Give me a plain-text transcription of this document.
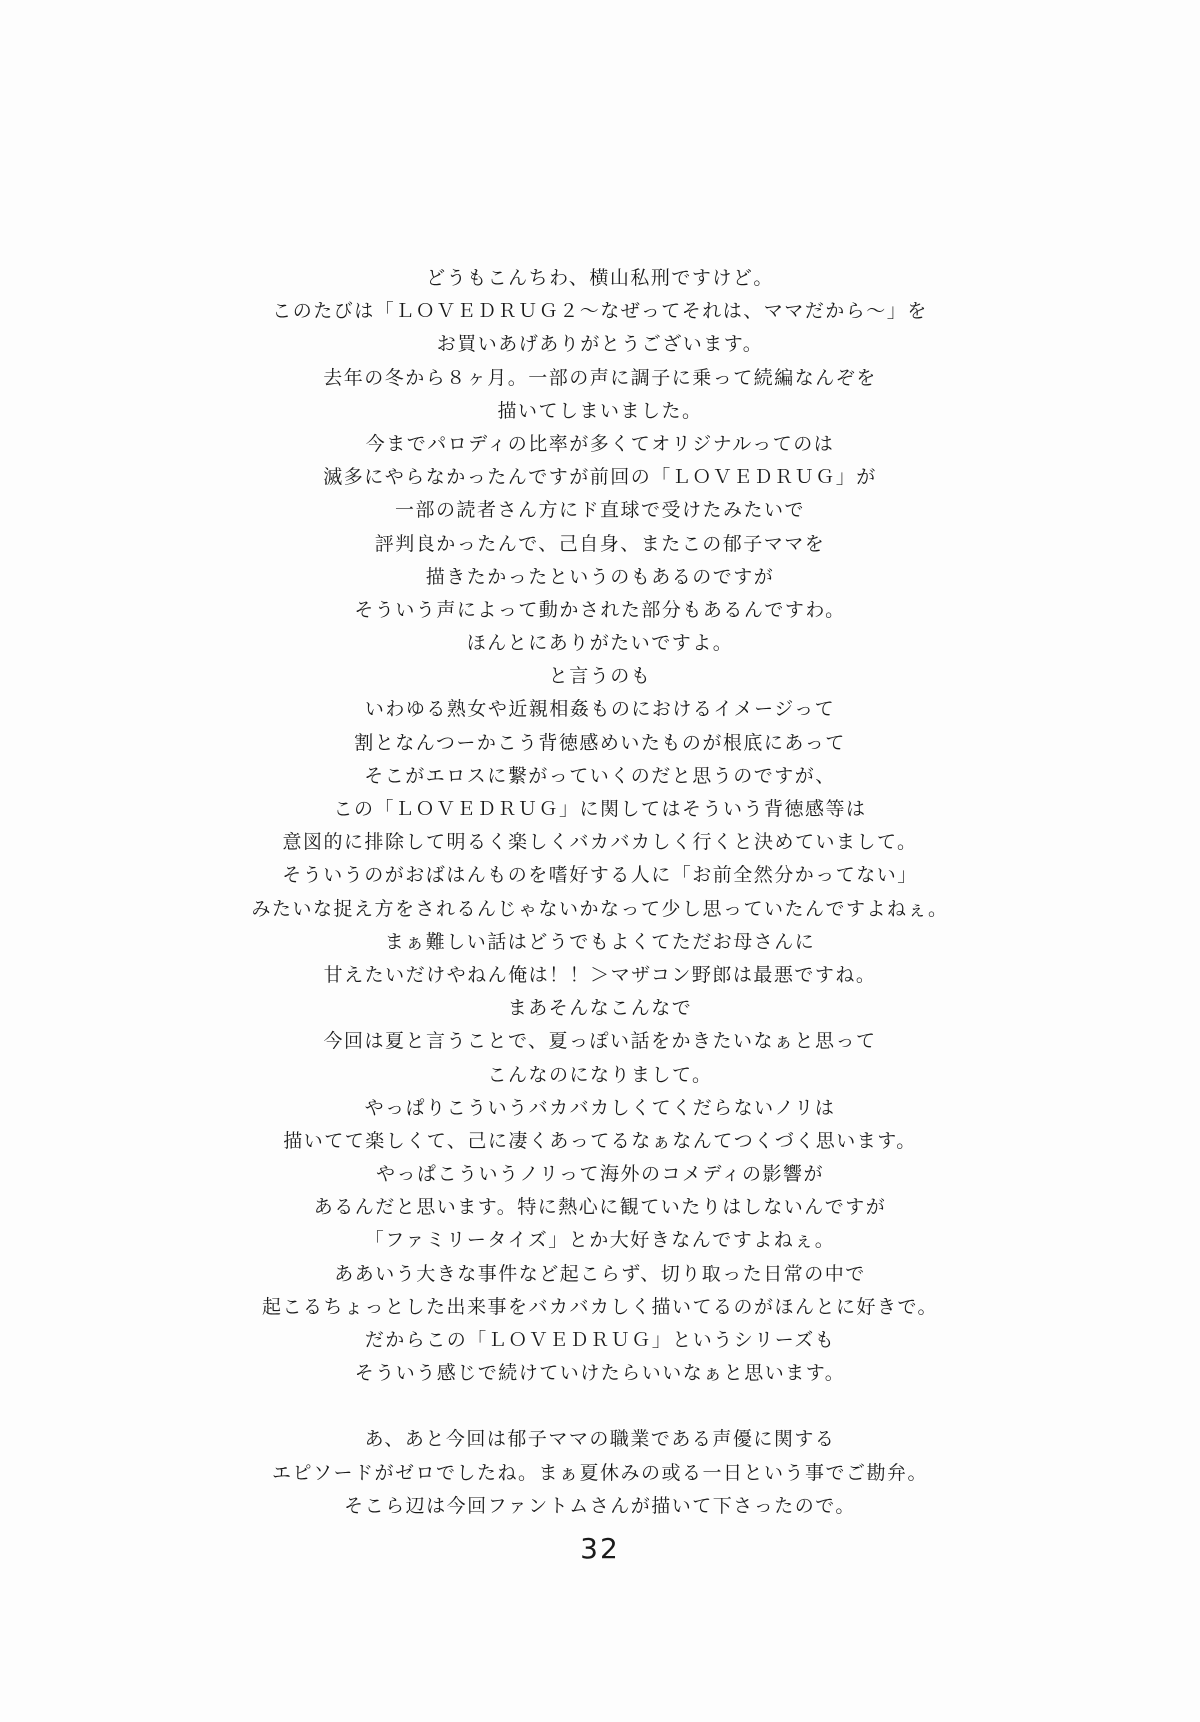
どうもこんちわ、横山私刑ですけど。
このたびは「ＬＯＶＥＤＲＵＧ２～なぜってそれは、ママだから～」を
お買いあげありがとうございます。
去年の冬から８ヶ月。一部の声に調子に乗って続編なんぞを
描いてしまいました。
今までパロディの比率が多くてオリジナルってのは
滅多にやらなかったんですが前回の「ＬＯＶＥＤＲＵＧ」が
一部の読者さん方にド直球で受けたみたいで
評判良かったんで、己自身、またこの郁子ママを
描きたかったというのもあるのですが
そういう声によって動かされた部分もあるんですわ。
ほんとにありがたいですよ。
と言うのも
いわゆる熟女や近親相姦ものにおけるイメージって
割となんつーかこう背徳感めいたものが根底にあって
そこがエロスに繋がっていくのだと思うのですが、
この「ＬＯＶＥＤＲＵＧ」に関してはそういう背徳感等は
意図的に排除して明るく楽しくバカバカしく行くと決めていまして。
そういうのがおばはんものを嗜好する人に「お前全然分かってない」
みたいな捉え方をされるんじゃないかなって少し思っていたんですよねぇ。
まぁ難しい話はどうでもよくてただお母さんに
甘えたいだけやねん俺は！！＞マザコン野郎は最悪ですね。
まあそんなこんなで
今回は夏と言うことで、夏っぽい話をかきたいなぁと思って
こんなのになりまして。
やっぱりこういうバカバカしくてくだらないノリは
描いてて楽しくて、己に凄くあってるなぁなんてつくづく思います。
やっぱこういうノリって海外のコメディの影響が
あるんだと思います。特に熱心に観ていたりはしないんですが
「ファミリータイズ」とか大好きなんですよねぇ。
ああいう大きな事件など起こらず、切り取った日常の中で
起こるちょっとした出来事をバカバカしく描いてるのがほんとに好きで。
だからこの「ＬＯＶＥＤＲＵＧ」というシリーズも
そういう感じで続けていけたらいいなぁと思います。
あ、あと今回は郁子ママの職業である声優に関する
エピソードがゼロでしたね。まぁ夏休みの或る一日という事でご勘弁。
そこら辺は今回ファントムさんが描いて下さったので。
32
